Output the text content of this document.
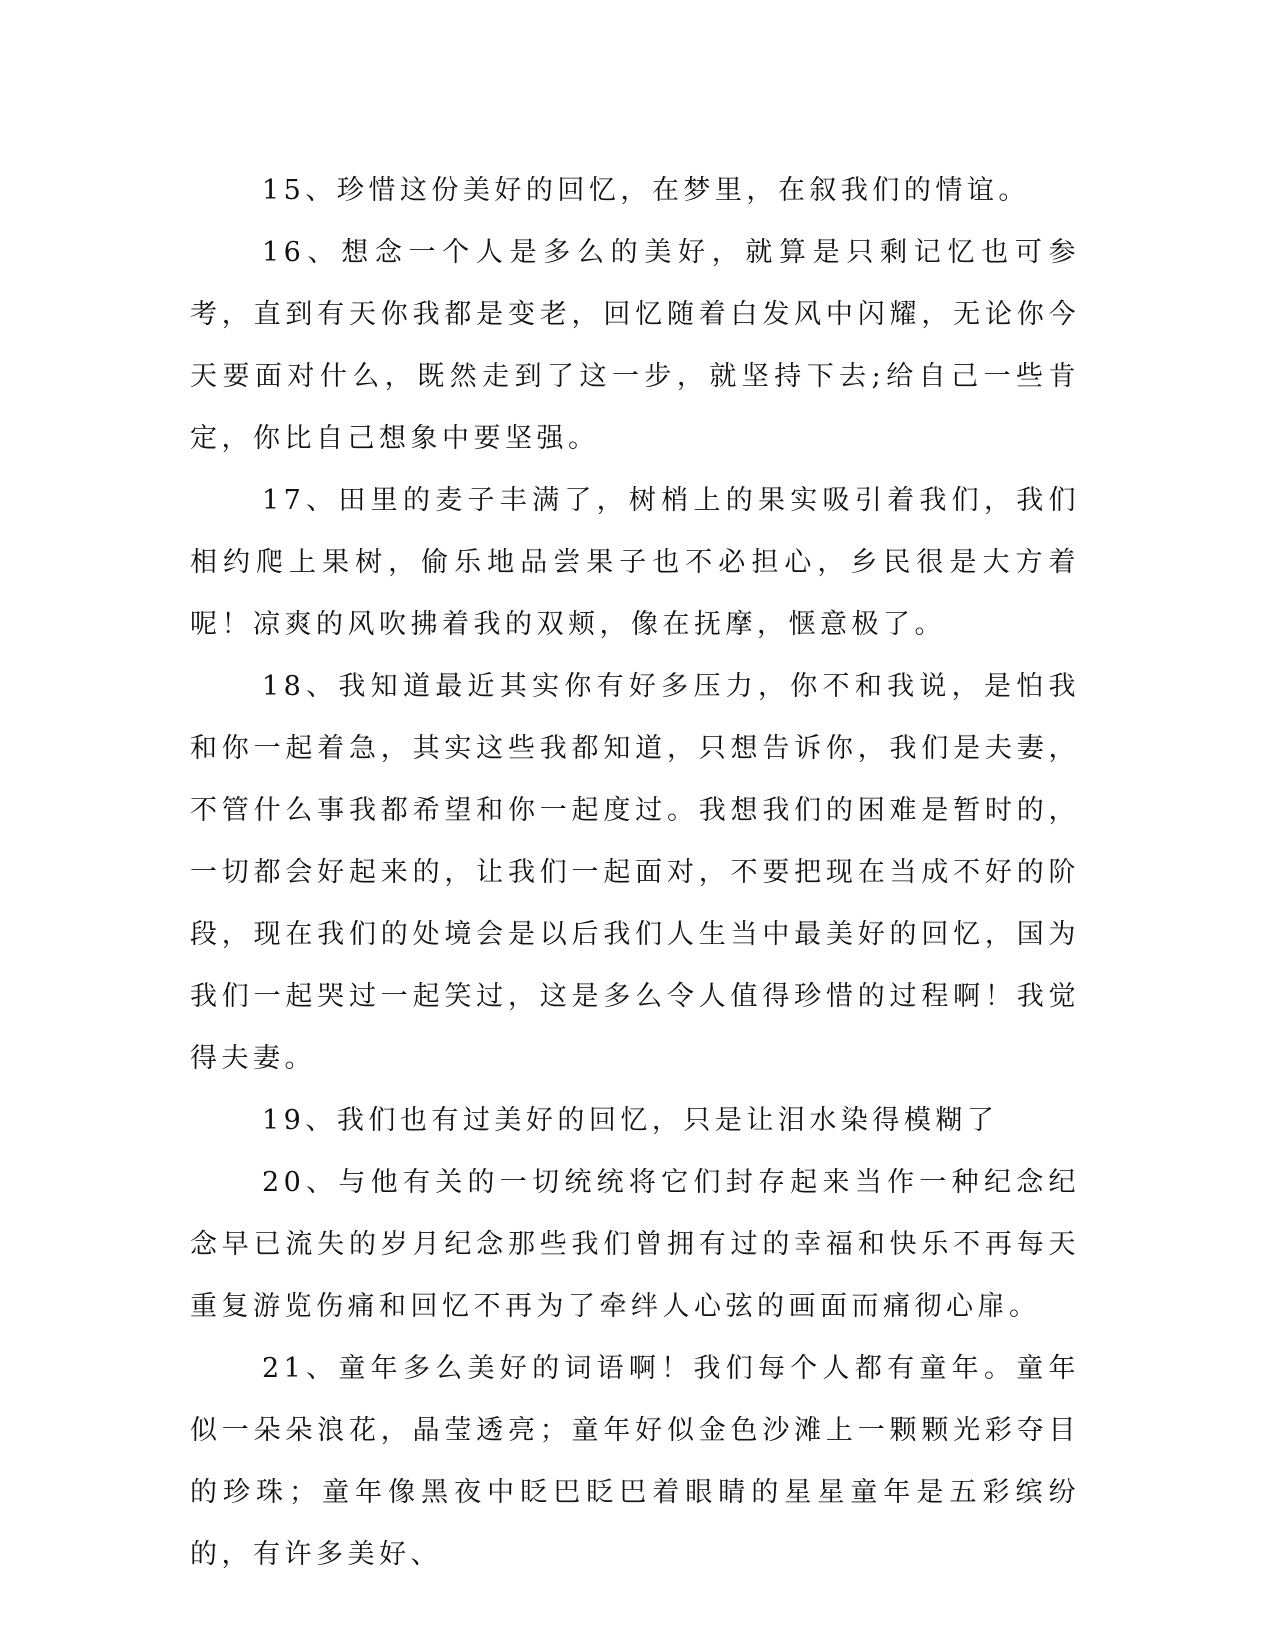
15、珍惜这份美好的回忆，在梦里，在叙我们的情谊。

16、想念一个人是多么的美好，就算是只剩记忆也可参考，直到有天你我都是变老，回忆随着白发风中闪耀，无论你今天要面对什么，既然走到了这一步，就坚持下去;给自己一些肯定，你比自己想象中要坚强。

17、田里的麦子丰满了，树梢上的果实吸引着我们，我们相约爬上果树，偷乐地品尝果子也不必担心，乡民很是大方着呢！凉爽的风吹拂着我的双颊，像在抚摩，惬意极了。

18、我知道最近其实你有好多压力，你不和我说，是怕我和你一起着急，其实这些我都知道，只想告诉你，我们是夫妻，不管什么事我都希望和你一起度过。我想我们的困难是暂时的，一切都会好起来的，让我们一起面对，不要把现在当成不好的阶段，现在我们的处境会是以后我们人生当中最美好的回忆，国为我们一起哭过一起笑过，这是多么令人值得珍惜的过程啊！我觉得夫妻。

19、我们也有过美好的回忆，只是让泪水染得模糊了

20、与他有关的一切统统将它们封存起来当作一种纪念纪念早已流失的岁月纪念那些我们曾拥有过的幸福和快乐不再每天重复游览伤痛和回忆不再为了牵绊人心弦的画面而痛彻心扉。

21、童年多么美好的词语啊！我们每个人都有童年。童年似一朵朵浪花，晶莹透亮；童年好似金色沙滩上一颗颗光彩夺目的珍珠；童年像黑夜中眨巴眨巴着眼睛的星星童年是五彩缤纷的，有许多美好、
